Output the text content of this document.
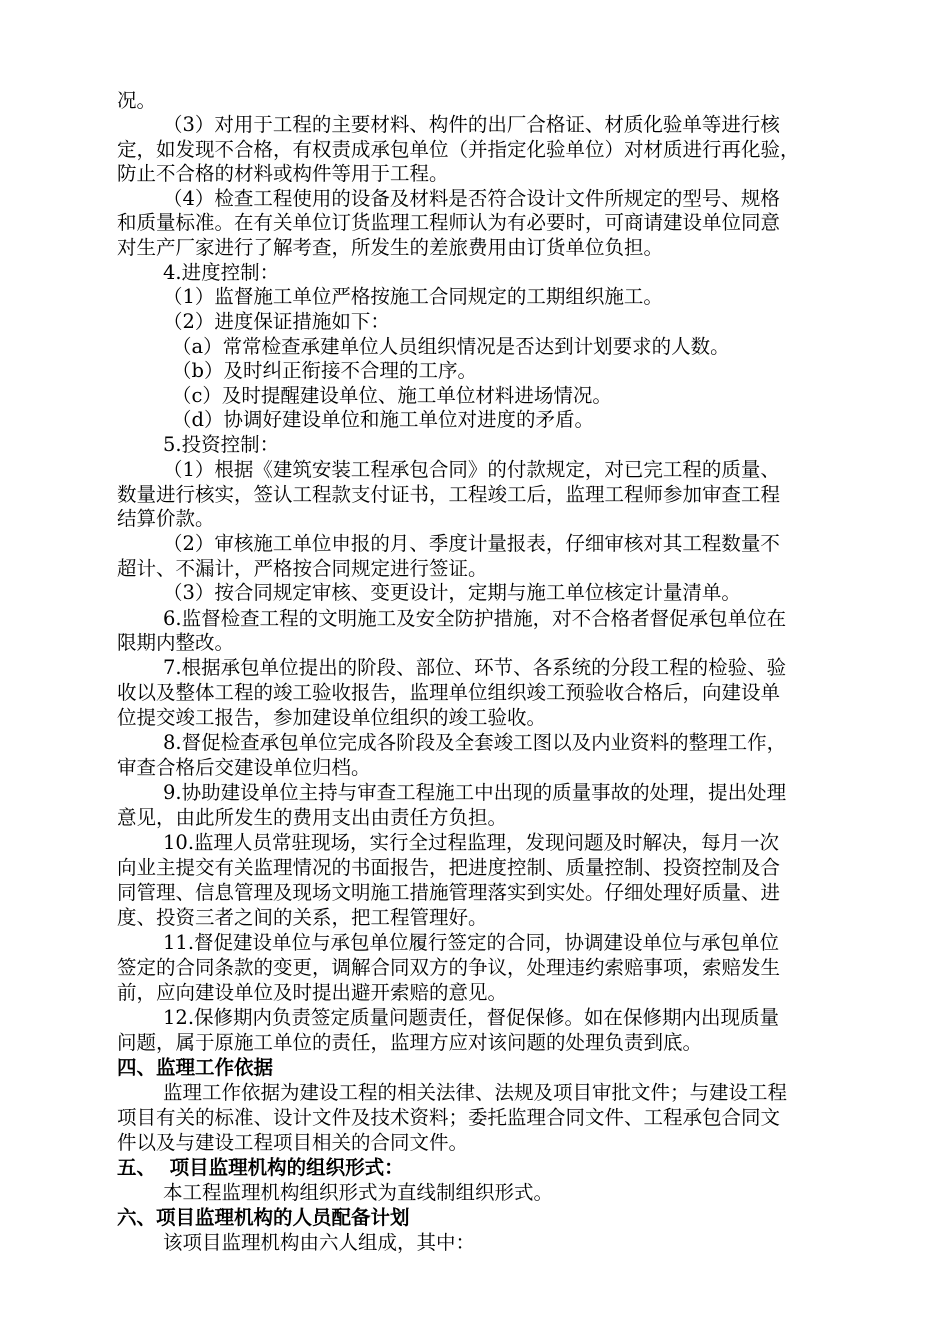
况。
（3）对用于工程的主要材料、构件的出厂合格证、材质化验单等进行核
定，如发现不合格，有权责成承包单位（并指定化验单位）对材质进行再化验，
防止不合格的材料或构件等用于工程。
（4）检查工程使用的设备及材料是否符合设计文件所规定的型号、规格
和质量标准。在有关单位订货监理工程师认为有必要时，可商请建设单位同意
对生产厂家进行了解考查，所发生的差旅费用由订货单位负担。
4.进度控制：
（1）监督施工单位严格按施工合同规定的工期组织施工。
（2）进度保证措施如下：
（a）常常检查承建单位人员组织情况是否达到计划要求的人数。
（b）及时纠正衔接不合理的工序。
（c）及时提醒建设单位、施工单位材料进场情况。
（d）协调好建设单位和施工单位对进度的矛盾。
5.投资控制：
（1）根据《建筑安装工程承包合同》的付款规定，对已完工程的质量、
数量进行核实，签认工程款支付证书，工程竣工后，监理工程师参加审查工程
结算价款。
（2）审核施工单位申报的月、季度计量报表，仔细审核对其工程数量不
超计、不漏计，严格按合同规定进行签证。
（3）按合同规定审核、变更设计，定期与施工单位核定计量清单。
6.监督检查工程的文明施工及安全防护措施，对不合格者督促承包单位在
限期内整改。
7.根据承包单位提出的阶段、部位、环节、各系统的分段工程的检验、验
收以及整体工程的竣工验收报告，监理单位组织竣工预验收合格后，向建设单
位提交竣工报告，参加建设单位组织的竣工验收。
8.督促检查承包单位完成各阶段及全套竣工图以及内业资料的整理工作，
审查合格后交建设单位归档。
9.协助建设单位主持与审查工程施工中出现的质量事故的处理，提出处理
意见，由此所发生的费用支出由责任方负担。
10.监理人员常驻现场，实行全过程监理，发现问题及时解决，每月一次
向业主提交有关监理情况的书面报告，把进度控制、质量控制、投资控制及合
同管理、信息管理及现场文明施工措施管理落实到实处。仔细处理好质量、进
度、投资三者之间的关系，把工程管理好。
11.督促建设单位与承包单位履行签定的合同，协调建设单位与承包单位
签定的合同条款的变更，调解合同双方的争议，处理违约索赔事项，索赔发生
前，应向建设单位及时提出避开索赔的意见。
12.保修期内负责签定质量问题责任，督促保修。如在保修期内出现质量
问题，属于原施工单位的责任，监理方应对该问题的处理负责到底。
四、监理工作依据
监理工作依据为建设工程的相关法律、法规及项目审批文件；与建设工程
项目有关的标准、设计文件及技术资料；委托监理合同文件、工程承包合同文
件以及与建设工程项目相关的合同文件。
五、  项目监理机构的组织形式：
本工程监理机构组织形式为直线制组织形式。
六、项目监理机构的人员配备计划
该项目监理机构由六人组成，其中：
